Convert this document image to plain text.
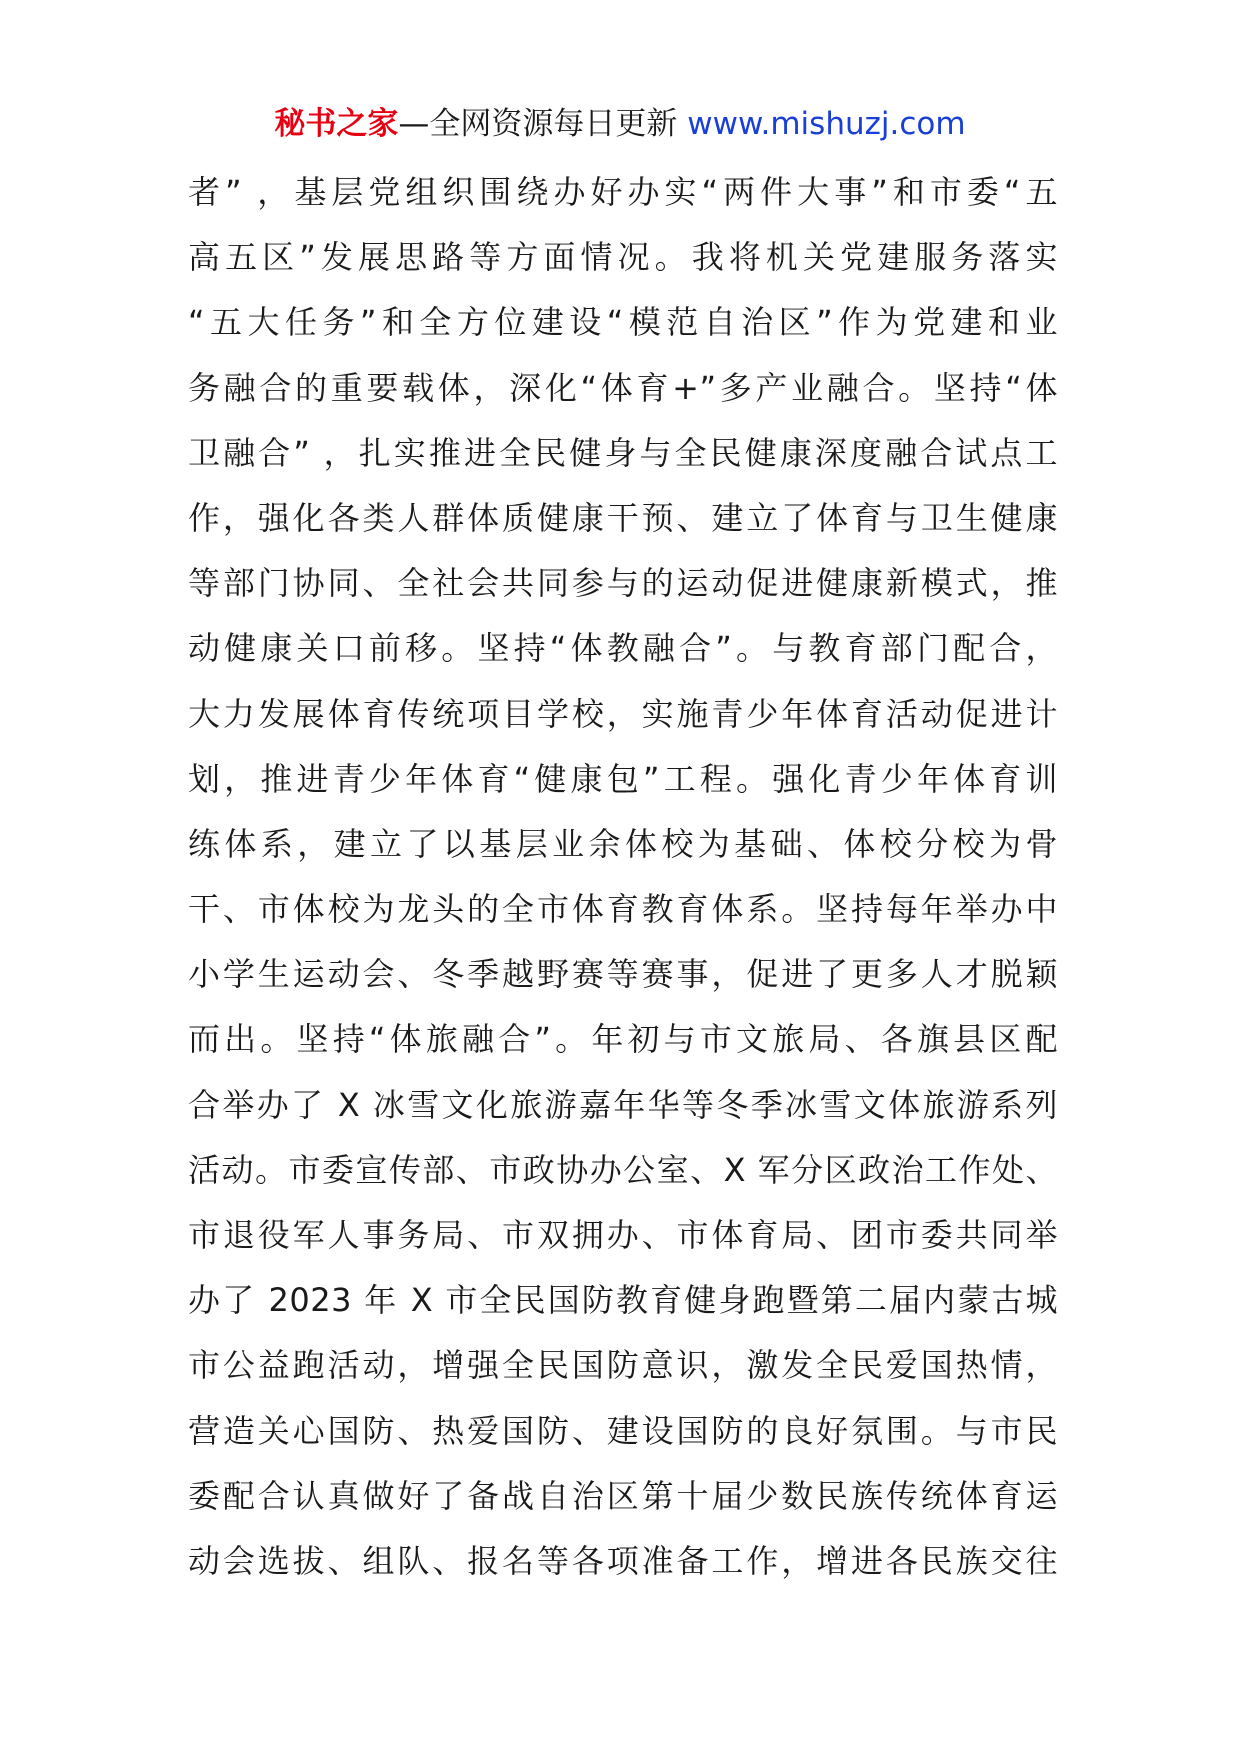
秘书之家—全网资源每日更新 www.mishuzj.com
者” ，基层党组织围绕办好办实“两件大事”和市委“五
高五区”发展思路等方面情况。我将机关党建服务落实
“五大任务”和全方位建设“模范自治区”作为党建和业
务融合的重要载体，深化“体育+”多产业融合。坚持“体
卫融合” ，扎实推进全民健身与全民健康深度融合试点工
作，强化各类人群体质健康干预、建立了体育与卫生健康
等部门协同、全社会共同参与的运动促进健康新模式，推
动健康关口前移。坚持“体教融合”。与教育部门配合，
大力发展体育传统项目学校，实施青少年体育活动促进计
划，推进青少年体育“健康包”工程。强化青少年体育训
练体系，建立了以基层业余体校为基础、体校分校为骨
干、市体校为龙头的全市体育教育体系。坚持每年举办中
小学生运动会、冬季越野赛等赛事，促进了更多人才脱颖
而出。坚持“体旅融合”。年初与市文旅局、各旗县区配
合举办了 X 冰雪文化旅游嘉年华等冬季冰雪文体旅游系列
活动。市委宣传部、市政协办公室、X 军分区政治工作处、
市退役军人事务局、市双拥办、市体育局、团市委共同举
办了 2023 年 X 市全民国防教育健身跑暨第二届内蒙古城
市公益跑活动，增强全民国防意识，激发全民爱国热情，
营造关心国防、热爱国防、建设国防的良好氛围。与市民
委配合认真做好了备战自治区第十届少数民族传统体育运
动会选拔、组队、报名等各项准备工作，增进各民族交往
